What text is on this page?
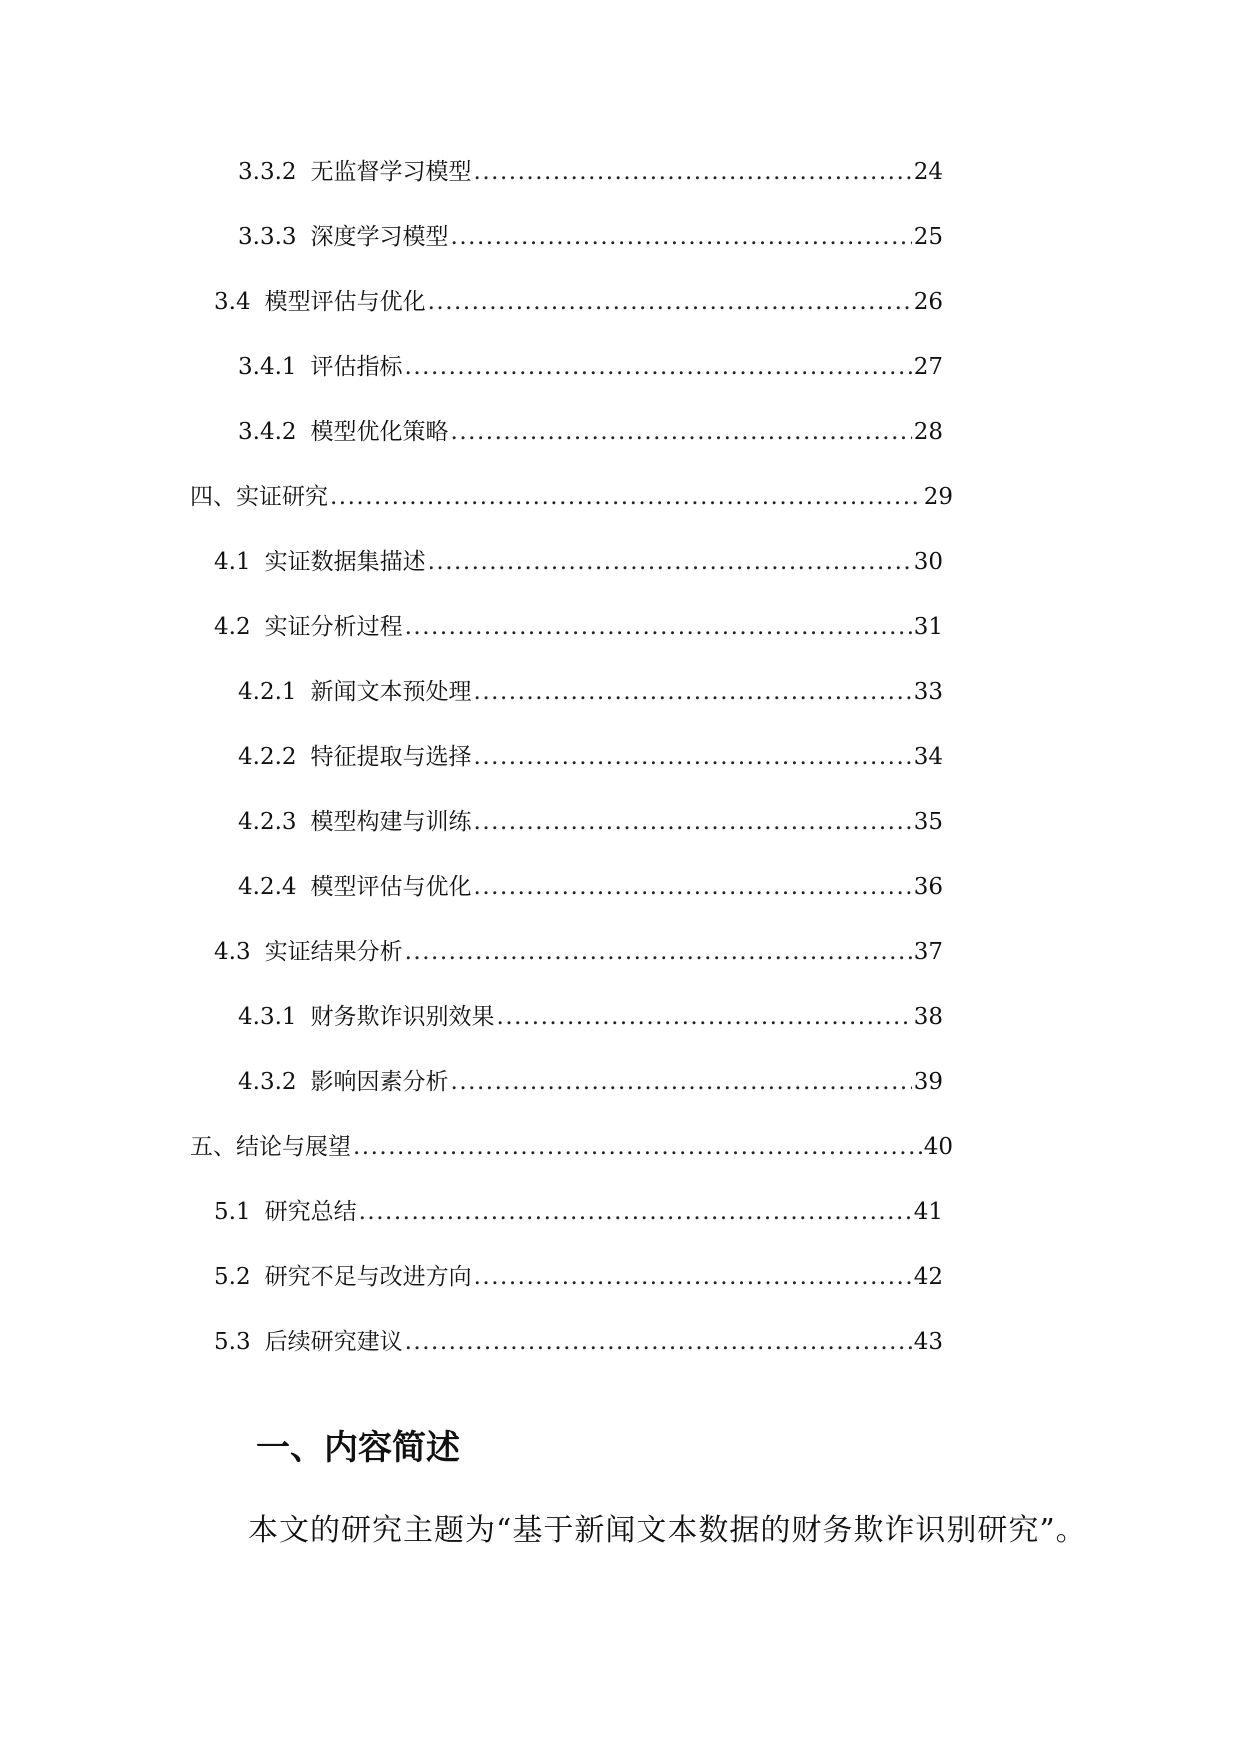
3.3.2 无监督学习模型 .....	24
3.3.3 深度学习模型 .....	25
3.4 模型评估与优化 .....	26
3.4.1 评估指标 .....	27
3.4.2 模型优化策略 .....	28
四、 实证研究 .....	29
4.1 实证数据集描述 .....	30
4.2 实证分析过程 .....	31
4.2.1 新闻文本预处理 .....	33
4.2.2 特征提取与选择 .....	34
4.2.3 模型构建与训练 .....	35
4.2.4 模型评估与优化 .....	36
4.3 实证结果分析 .....	37
4.3.1 财务欺诈识别效果 .....	38
4.3.2 影响因素分析 .....	39
五、 结论与展望 .....	40
5.1 研究总结 .....	41
5.2 研究不足与改进方向 .....	42
5.3 后续研究建议 .....	43
一、内容简述

本文的研究主题为“基于新闻文本数据的财务欺诈识别研究”。
